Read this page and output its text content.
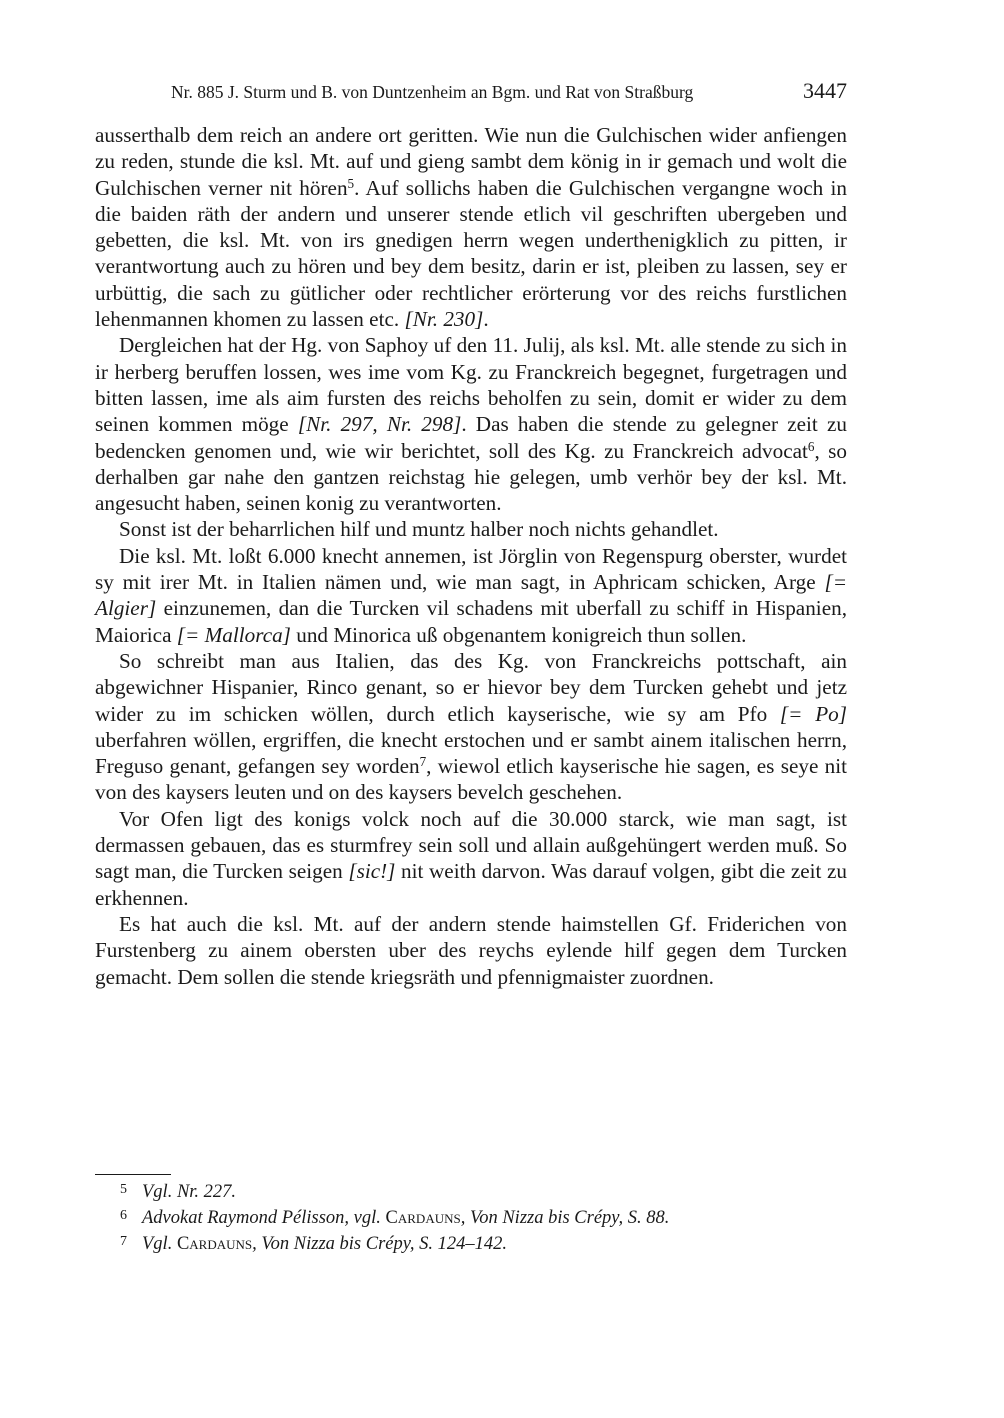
Nr. 885 J. Sturm und B. von Duntzenheim an Bgm. und Rat von Straßburg	3447

ausserthalb dem reich an andere ort geritten. Wie nun die Gulchischen wider anfiengen zu reden, stunde die ksl. Mt. auf und gieng sambt dem könig in ir gemach und wolt die Gulchischen verner nit hören$^5$. Auf sollichs haben die Gulchischen vergangne woch in die baiden räth der andern und unserer stende etlich vil geschriften ubergeben und gebetten, die ksl. Mt. von irs gnedigen herrn wegen underthenigklich zu pitten, ir verantwortung auch zu hören und bey dem besitz, darin er ist, pleiben zu lassen, sey er urbüttig, die sach zu gütlicher oder rechtlicher erörterung vor des reichs furstlichen lehenmannen khomen zu lassen etc. [Nr. 230].

Dergleichen hat der Hg. von Saphoy uf den 11. Julij, als ksl. Mt. alle stende zu sich in ir herberg beruffen lossen, wes ime vom Kg. zu Franckreich begegnet, furgetragen und bitten lassen, ime als aim fursten des reichs beholfen zu sein, domit er wider zu dem seinen kommen möge [Nr. 297, Nr. 298]. Das haben die stende zu gelegner zeit zu bedencken genomen und, wie wir berichtet, soll des Kg. zu Franckreich advocat$^6$, so derhalben gar nahe den gantzen reichstag hie gelegen, umb verhör bey der ksl. Mt. angesucht haben, seinen konig zu verantworten.

Sonst ist der beharrlichen hilf und muntz halber noch nichts gehandlet.

Die ksl. Mt. loßt 6.000 knecht annemen, ist Jörglin von Regenspurg oberster, wurdet sy mit irer Mt. in Italien nämen und, wie man sagt, in Aphricam schicken, Arge [= Algier] einzunemen, dan die Turcken vil schadens mit uberfall zu schiff in Hispanien, Maiorica [= Mallorca] und Minorica uß obgenantem konigreich thun sollen.

So schreibt man aus Italien, das des Kg. von Franckreichs pottschaft, ain abgewichner Hispanier, Rinco genant, so er hievor bey dem Turcken gehebt und jetz wider zu im schicken wöllen, durch etlich kayserische, wie sy am Pfo [= Po] uberfahren wöllen, ergriffen, die knecht erstochen und er sambt ainem italischen herrn, Freguso genant, gefangen sey worden$^7$, wiewol etlich kayserische hie sagen, es seye nit von des kaysers leuten und on des kaysers bevelch geschehen.

Vor Ofen ligt des konigs volck noch auf die 30.000 starck, wie man sagt, ist dermassen gebauen, das es sturmfrey sein soll und allain außgehüngert werden muß. So sagt man, die Turcken seigen [sic!] nit weith darvon. Was darauf volgen, gibt die zeit zu erkhennen.

Es hat auch die ksl. Mt. auf der andern stende haimstellen Gf. Friderichen von Furstenberg zu ainem obersten uber des reychs eylende hilf gegen dem Turcken gemacht. Dem sollen die stende kriegsräth und pfennigmaister zuordnen.

5 Vgl. Nr. 227.
6 Advokat Raymond Pélisson, vgl. Cardauns, Von Nizza bis Crépy, S. 88.
7 Vgl. Cardauns, Von Nizza bis Crépy, S. 124–142.
